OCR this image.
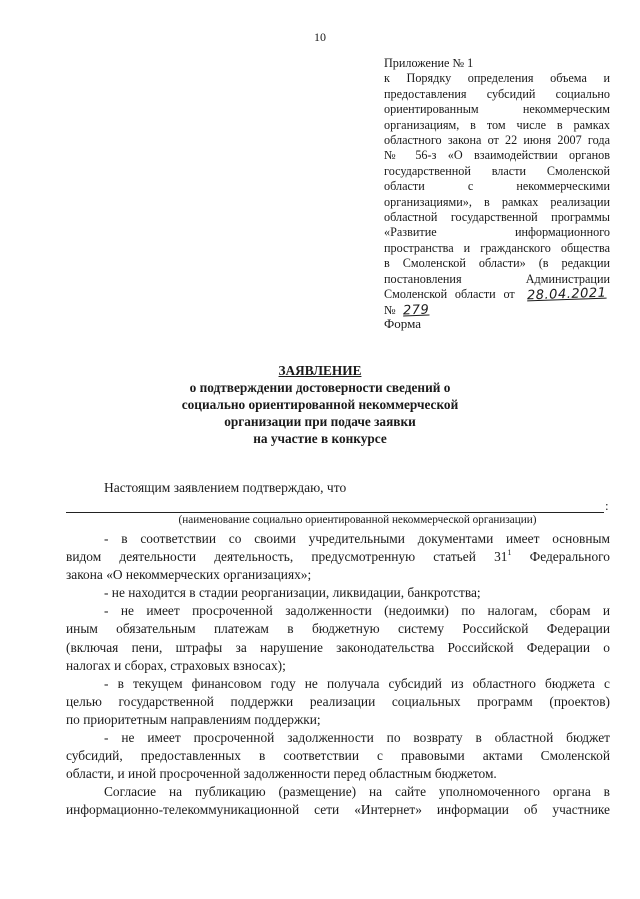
10
Приложение № 1
к Порядку определения объема и
предоставления субсидий социально
ориентированным некоммерческим
организациям, в том числе в рамках
областного закона от 22 июня 2007 года
№ 56-з «О взаимодействии органов
государственной власти Смоленской
области с некоммерческими
организациями», в рамках реализации
областной государственной программы
«Развитие информационного
пространства и гражданского общества
в Смоленской области» (в редакции
постановления Администрации
Смоленской области от 28.04.2021
№ 279
Форма
ЗАЯВЛЕНИЕ
о подтверждении достоверности сведений о
социально ориентированной некоммерческой
организации при подаче заявки
на участие в конкурсе
Настоящим заявлением подтверждаю, что
:
(наименование социально ориентированной некоммерческой организации)
- в соответствии со своими учредительными документами имеет основным
видом деятельности деятельность, предусмотренную статьей $31^1$ Федерального
закона «О некоммерческих организациях»;
- не находится в стадии реорганизации, ликвидации, банкротства;
- не имеет просроченной задолженности (недоимки) по налогам, сборам и
иным обязательным платежам в бюджетную систему Российской Федерации
(включая пени, штрафы за нарушение законодательства Российской Федерации о
налогах и сборах, страховых взносах);
- в текущем финансовом году не получала субсидий из областного бюджета с
целью государственной поддержки реализации социальных программ (проектов)
по приоритетным направлениям поддержки;
- не имеет просроченной задолженности по возврату в областной бюджет
субсидий, предоставленных в соответствии с правовыми актами Смоленской
области, и иной просроченной задолженности перед областным бюджетом.
Согласие на публикацию (размещение) на сайте уполномоченного органа в
информационно-телекоммуникационной сети «Интернет» информации об участнике
